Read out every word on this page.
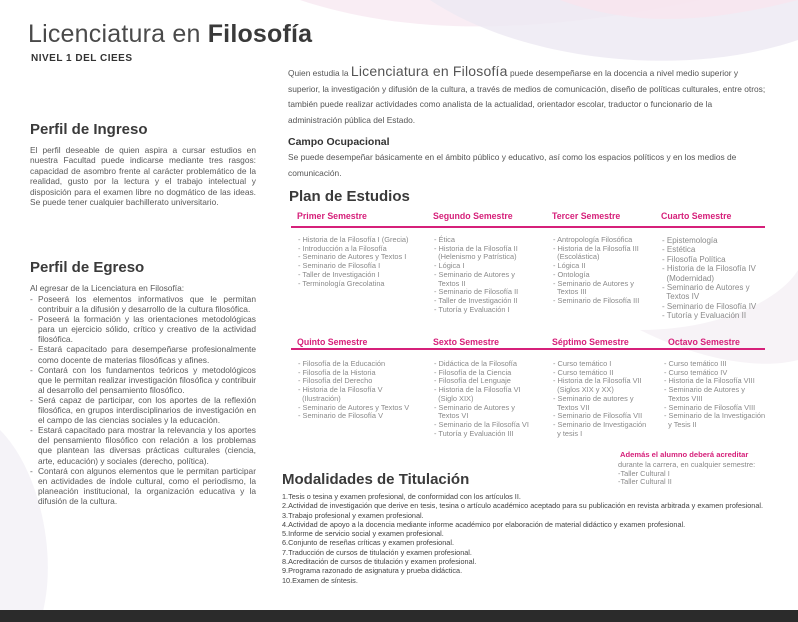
Licenciatura en Filosofía
NIVEL 1 DEL CIEES
Quien estudia la Licenciatura en Filosofía puede desempeñarse en la docencia a nivel medio superior y superior, la investigación y difusión de la cultura, a través de medios de comunicación, diseño de políticas culturales, entre otros; también puede realizar actividades como analista de la actualidad, orientador escolar, traductor o funcionario de la administración pública del Estado.
Campo Ocupacional
Se puede desempeñar básicamente en el ámbito público y educativo, así como los espacios políticos y en los medios de comunicación.
Perfil de Ingreso
El perfil deseable de quien aspira a cursar estudios en nuestra Facultad puede indicarse mediante tres rasgos: capacidad de asombro frente al carácter problemático de la realidad, gusto por la lectura y el trabajo intelectual y disposición para el examen libre no dogmático de las ideas. Se puede tener cualquier bachillerato universitario.
Perfil de Egreso
Al egresar de la Licenciatura en Filosofía:
- Poseerá los elementos informativos que le permitan contribuir a la difusión y desarrollo de la cultura filosófica.
- Poseerá la formación y las orientaciones metodológicas para un ejercicio sólido, crítico y creativo de la actividad filosófica.
- Estará capacitado para desempeñarse profesionalmente como docente de materias filosóficas y afines.
- Contará con los fundamentos teóricos y metodológicos que le permitan realizar investigación filosófica y contribuir al desarrollo del pensamiento filosófico.
- Será capaz de participar, con los aportes de la reflexión filosófica, en grupos interdisciplinarios de investigación en el campo de las ciencias sociales y la educación.
- Estará capacitado para mostrar la relevancia y los aportes del pensamiento filosófico con relación a los problemas que plantean las diversas prácticas culturales (ciencia, arte, educación) y sociales (derecho, política).
- Contará con algunos elementos que le permitan participar en actividades de índole cultural, como el periodismo, la planeación institucional, la organización educativa y la difusión de la cultura.
Plan de Estudios
Primer Semestre
- Historia de la Filosofía I (Grecia)
- Introducción a la Filosofía
- Seminario de Autores y Textos I
- Seminario de Filosofía I
- Taller de Investigación I
- Terminología Grecolatina
Segundo Semestre
- Ética
- Historia de la Filosofía II
(Helenismo y Patrística)
- Lógica I
- Seminario de Autores y
Textos II
- Seminario de Filosofía II
- Taller de Investigación II
- Tutoría y Evaluación I
Tercer Semestre
- Antropología Filosófica
- Historia de la Filosofía III
(Escolástica)
- Lógica II
- Ontología
- Seminario de Autores y
Textos III
- Seminario de Filosofía III
Cuarto Semestre
- Epistemología
- Estética
- Filosofía Política
- Historia de la Filosofía IV
(Modernidad)
- Seminario de Autores y
Textos IV
- Seminario de Filosofía IV
- Tutoría y Evaluación II
Quinto Semestre
- Filosofía de la Educación
- Filosofía de la Historia
- Filosofía del Derecho
- Historia de la Filosofía V
(Ilustración)
- Seminario de Autores y Textos V
- Seminario de Filosofía V
Sexto Semestre
- Didáctica de la Filosofía
- Filosofía de la Ciencia
- Filosofía del Lenguaje
- Historia de la Filosofía VI
(Siglo XIX)
- Seminario de Autores y
Textos VI
- Seminario de la Filosofía VI
- Tutoría y Evaluación III
Séptimo Semestre
- Curso temático I
- Curso temático II
- Historia de la Filosofía VII
(Siglos XIX y XX)
- Seminario de autores y
Textos VII
- Seminario de Filosofía VII
- Seminario de Investigación
y tesis I
Octavo Semestre
- Curso temático III
- Curso temático IV
- Historia de la Filosofía VIII
- Seminario de Autores y
Textos VIII
- Seminario de Filosofía VIII
- Seminario de la Investigación
y Tesis II
Además el alumno deberá acreditar
durante la carrera, en cualquier semestre:
-Taller Cultural I
-Taller Cultural II
Modalidades de Titulación
1.Tesis o tesina y examen profesional, de conformidad con los artículos II.
2.Actividad de investigación que derive en tesis, tesina o artículo académico aceptado para su publicación en revista arbitrada y examen profesional.
3.Trabajo profesional y examen profesional.
4.Actividad de apoyo a la docencia mediante informe académico por elaboración de material didáctico y examen profesional.
5.Informe de servicio social y examen profesional.
6.Conjunto de reseñas críticas y examen profesional.
7.Traducción de cursos de titulación y examen profesional.
8.Acreditación de cursos de titulación y examen profesional.
9.Programa razonado de asignatura y prueba didáctica.
10.Examen de síntesis.
